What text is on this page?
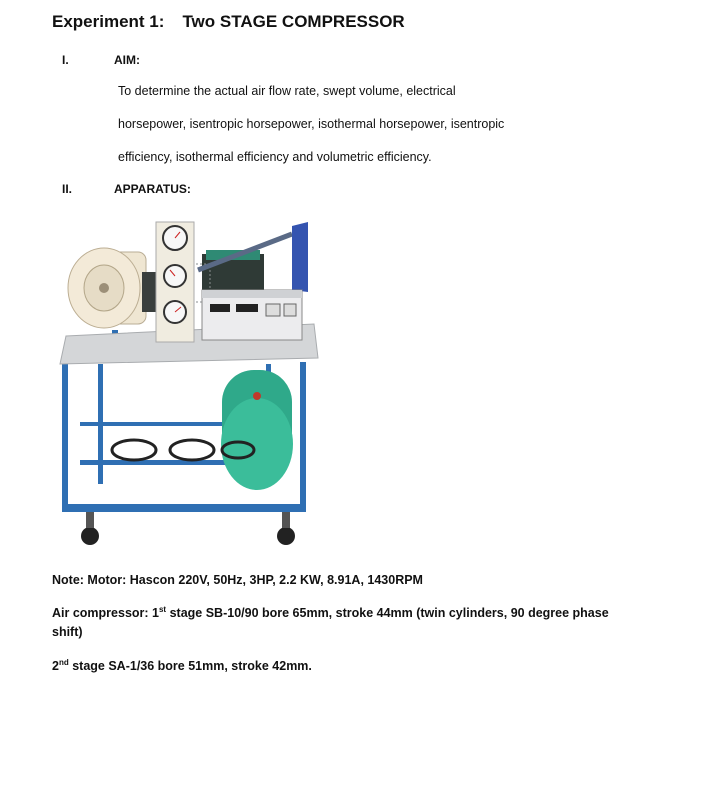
Experiment 1: Two STAGE COMPRESSOR
I.	AIM:
To determine the actual air flow rate, swept volume, electrical
horsepower, isentropic horsepower, isothermal horsepower, isentropic
efficiency, isothermal efficiency and volumetric efficiency.
II.	APPARATUS:
Note: Motor: Hascon 220V, 50Hz, 3HP, 2.2 KW, 8.91A, 1430RPM
Air compressor: 1st stage SB-10/90 bore 65mm, stroke 44mm (twin cylinders, 90 degree phase shift)
2nd stage SA-1/36 bore 51mm, stroke 42mm.
